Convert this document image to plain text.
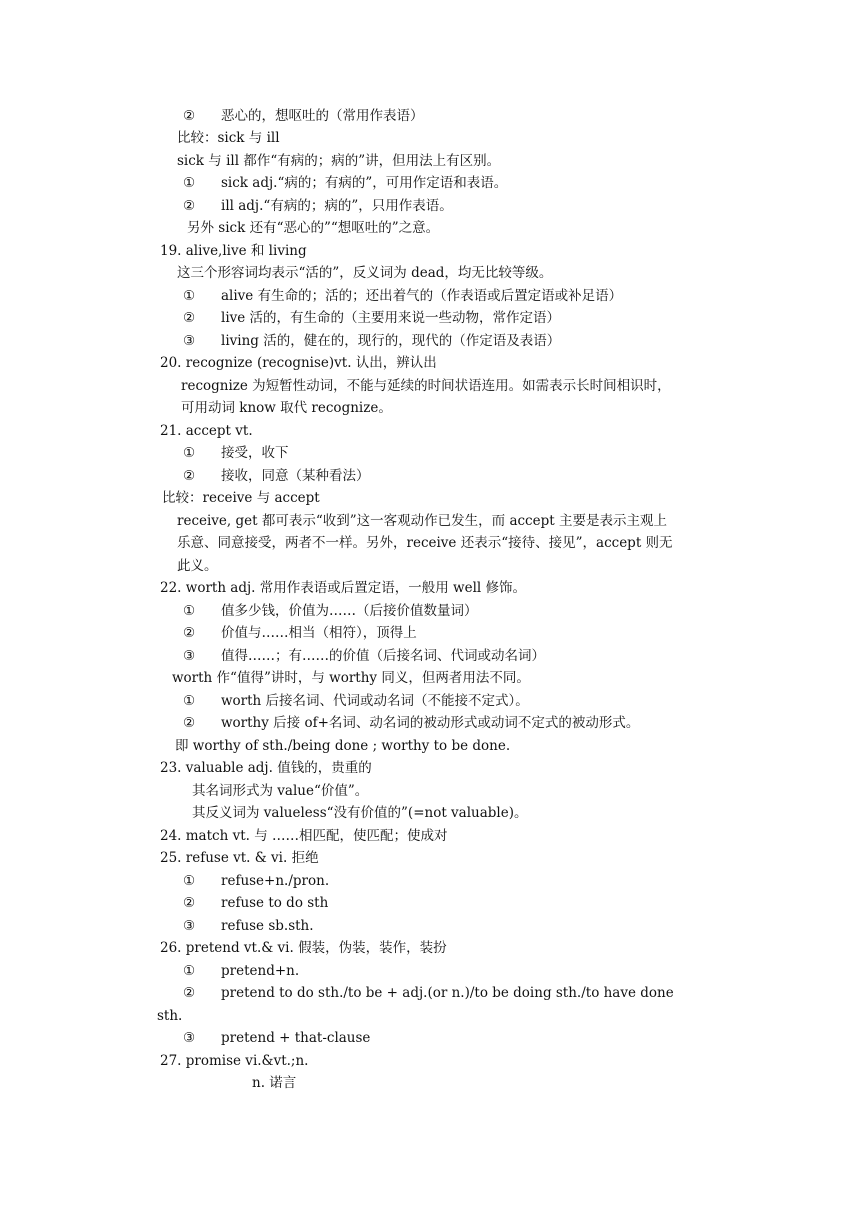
② 恶心的，想呕吐的（常用作表语）
比较：sick 与 ill
sick 与 ill 都作“有病的；病的”讲，但用法上有区别。
① sick adj.“病的；有病的”，可用作定语和表语。
② ill adj.“有病的；病的”，只用作表语。
另外 sick 还有“恶心的”“想呕吐的”之意。
19. alive,live 和 living
这三个形容词均表示“活的”，反义词为 dead，均无比较等级。
① alive 有生命的；活的；还出着气的（作表语或后置定语或补足语）
② live 活的，有生命的（主要用来说一些动物，常作定语）
③ living 活的，健在的，现行的，现代的（作定语及表语）
20. recognize (recognise)vt. 认出，辨认出
recognize 为短暂性动词，不能与延续的时间状语连用。如需表示长时间相识时，
可用动词 know 取代 recognize。
21. accept vt.
① 接受，收下
② 接收，同意（某种看法）
比较：receive 与 accept
receive, get 都可表示“收到”这一客观动作已发生，而 accept 主要是表示主观上
乐意、同意接受，两者不一样。另外，receive 还表示“接待、接见”，accept 则无
此义。
22. worth adj. 常用作表语或后置定语，一般用 well 修饰。
① 值多少钱，价值为……（后接价值数量词）
② 价值与……相当（相符），顶得上
③ 值得……；有……的价值（后接名词、代词或动名词）
worth 作“值得”讲时，与 worthy 同义，但两者用法不同。
① worth 后接名词、代词或动名词（不能接不定式）。
② worthy 后接 of+名词、动名词的被动形式或动词不定式的被动形式。
即 worthy of sth./being done ; worthy to be done.
23. valuable adj. 值钱的，贵重的
其名词形式为 value“价值”。
其反义词为 valueless“没有价值的”(=not valuable)。
24. match vt. 与 ……相匹配，使匹配；使成对
25. refuse vt. & vi. 拒绝
① refuse+n./pron.
② refuse to do sth
③ refuse sb.sth.
26. pretend vt.& vi. 假装，伪装，装作，装扮
① pretend+n.
② pretend to do sth./to be + adj.(or n.)/to be doing sth./to have done
sth.
③ pretend + that-clause
27. promise vi.&vt.;n.
n. 诺言
